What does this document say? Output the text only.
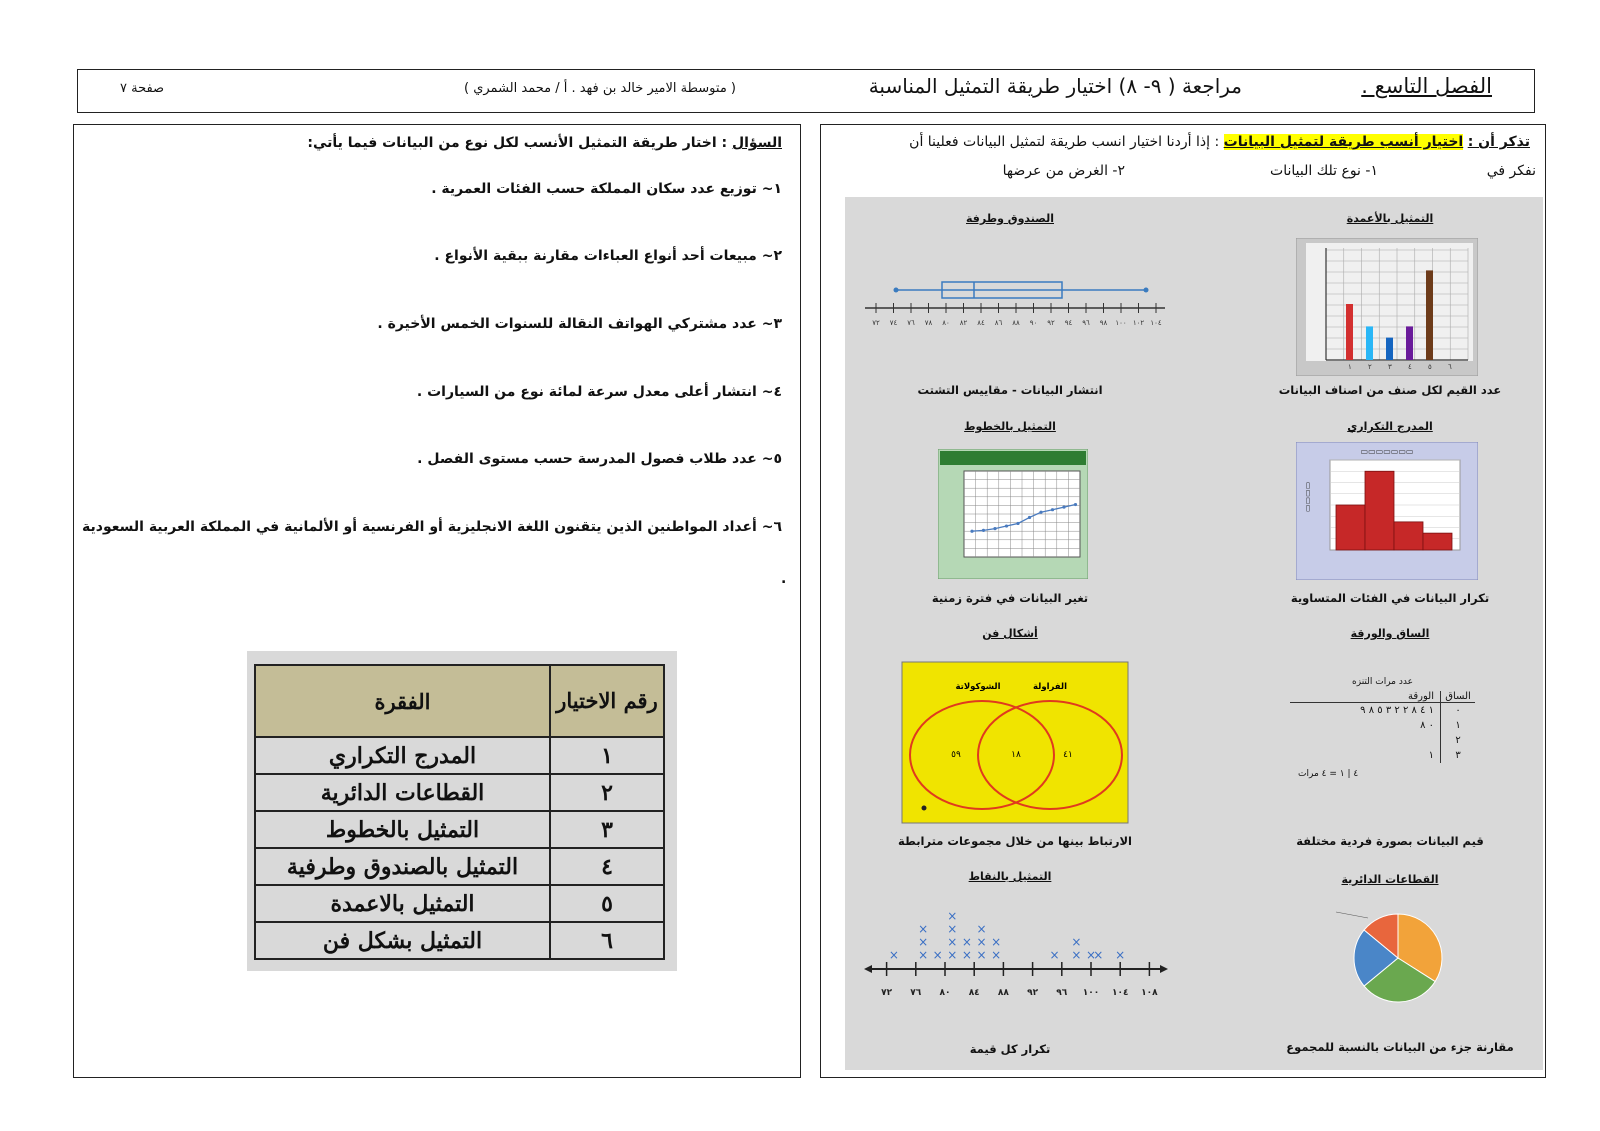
الفصل التاسع .
مراجعة ( ٩- ٨) اختيار طريقة التمثيل المناسبة
( متوسطة الامير خالد بن فهد . أ / محمد الشمري )
صفحة ٧
تذكر أن : اختيار أنسب طريقة لتمثيل البيانات : إذا أردنا اختيار انسب طريقة لتمثيل البيانات فعلينا أن
نفكر في
١- نوع تلك البيانات
٢- الغرض من عرضها
التمثيل بالأعمدة
الصندوق وطرفة
المدرج التكراري
التمثيل بالخطوط
الساق والورقة
أشكال فن
القطاعات الدائرية
التمثيل بالنقاط
عدد القيم لكل صنف من اصناف البيانات
انتشار البيانات - مقاييس التشتت
تكرار البيانات في الفئات المتساوية
تغير البيانات في فترة زمنية
قيم البيانات بصورة فردية مختلفة
الارتباط بينها من خلال مجموعات مترابطة
مقارنة جزء من البيانات بالنسبة للمجموع
تكرار كل قيمة
١ ٢ ٣ ٤ ٥ ٦
٧٢ ٧٤ ٧٦ ٧٨ ٨٠ ٨٢ ٨٤ ٨٦ ٨٨ ٩٠ ٩٢ ٩٤ ٩٦ ٩٨ ١٠٠ ١٠٢ ١٠٤
▭▭▭▭▭▭▭
▭▭▭▭
عدد مرات التنزه
الساق
الورقة
٠
١ ٤ ٨ ٢ ٢ ٣ ٥ ٨ ٩
١
٠ ٨
٢
٣
١
٤ | ١ = ٤ مرات
الشوكولاتة	الفراولة
٥٩	١٨	٤١
٧٢ ٧٦ ٨٠ ٨٤ ٨٨ ٩٢ ٩٦ ١٠٠ ١٠٤ ١٠٨
× ×
×
×
× ×
×
×
×
×
×
×
×
×
×
×
× ×
×
×
× ×
السؤال : اختار طريقة التمثيل الأنسب لكل نوع من البيانات فيما يأتي:
١~ توزيع عدد سكان المملكة حسب الفئات العمرية .
٢~ مبيعات أحد أنواع العباءات مقارنة ببقية الأنواع .
٣~ عدد مشتركي الهواتف النقالة للسنوات الخمس الأخيرة .
٤~ انتشار أعلى معدل سرعة لمائة نوع من السيارات .
٥~ عدد طلاب فصول المدرسة حسب مستوى الفصل .
٦~ أعداد المواطنين الذين يتقنون اللغة الانجليزية أو الفرنسية أو الألمانية في المملكة العربية السعودية
.
رقم الاختيار	الفقرة
١	المدرج التكراري
٢	القطاعات الدائرية
٣	التمثيل بالخطوط
٤	التمثيل بالصندوق وطرفية
٥	التمثيل بالاعمدة
٦	التمثيل بشكل فن
